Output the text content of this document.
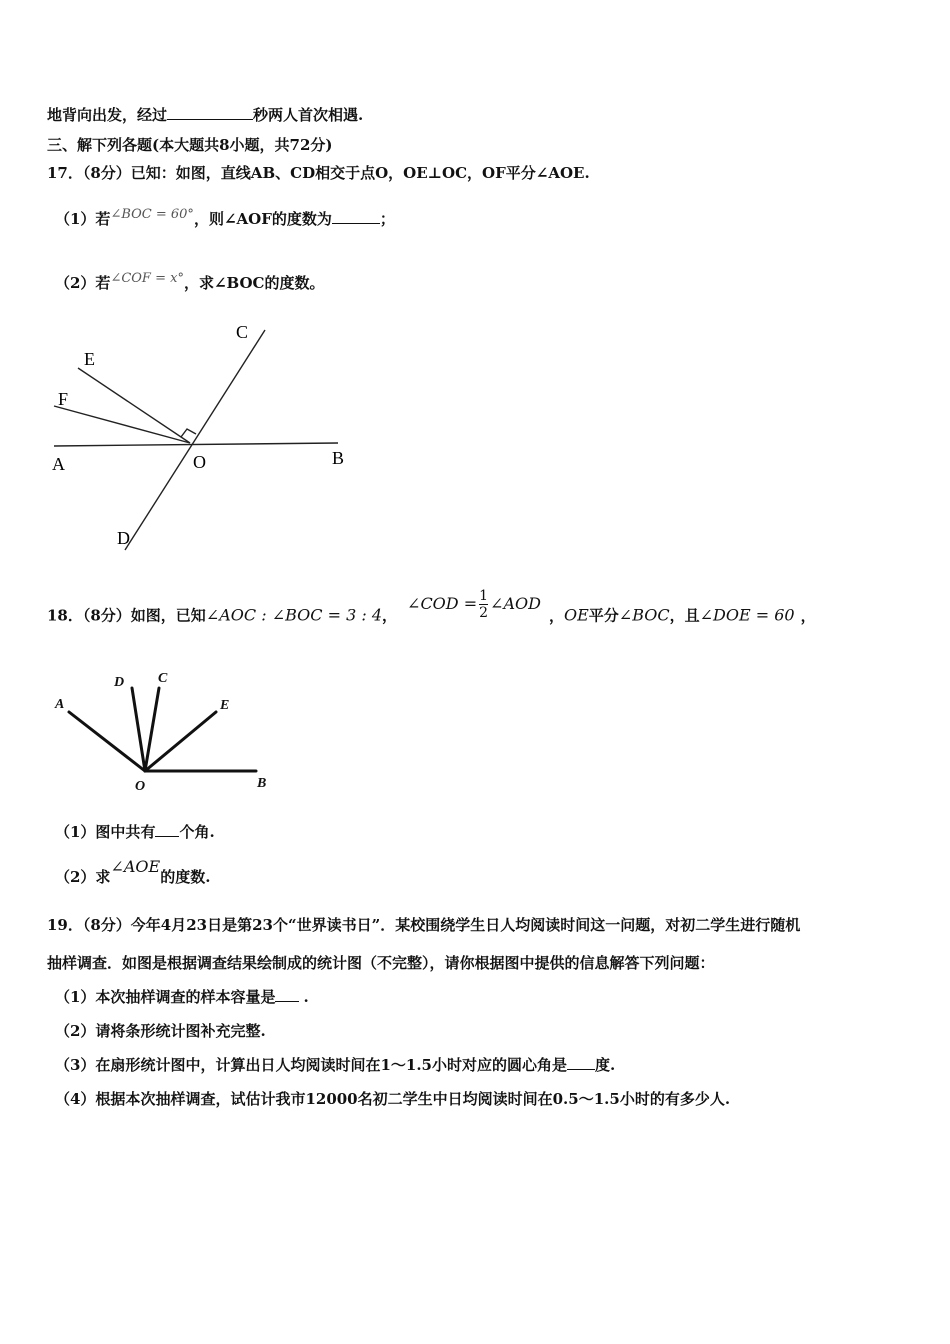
地背向出发，经过	秒两人首次相遇.
三、解下列各题(本大题共8小题，共72分)
17．（8分）已知：如图，直线AB、CD相交于点O，OE⊥OC，OF平分∠AOE.
（1）若∠BOC = 60°，则∠AOF的度数为	；
（2）若∠COF = x°，求∠BOC的度数。
C
E
F
A	O	B
D
18．（8分）如图，已知∠AOC : ∠BOC = 3 : 4，∠COD = $\frac{1}{2}$ ∠AOD，OE平分∠BOC，且∠DOE = 60 ，
A
D C
E
O	B
（1）图中共有 个角.
（2）求∠AOE的度数.
19．（8分）今年4月23日是第23个“世界读书日”．某校围绕学生日人均阅读时间这一问题，对初二学生进行随机
抽样调查．如图是根据调查结果绘制成的统计图（不完整），请你根据图中提供的信息解答下列问题：
（1）本次抽样调查的样本容量是 .
（2）请将条形统计图补充完整.
（3）在扇形统计图中，计算出日人均阅读时间在1～1.5小时对应的圆心角是 度.
（4）根据本次抽样调查，试估计我市12000名初二学生中日均阅读时间在0.5～1.5小时的有多少人.
